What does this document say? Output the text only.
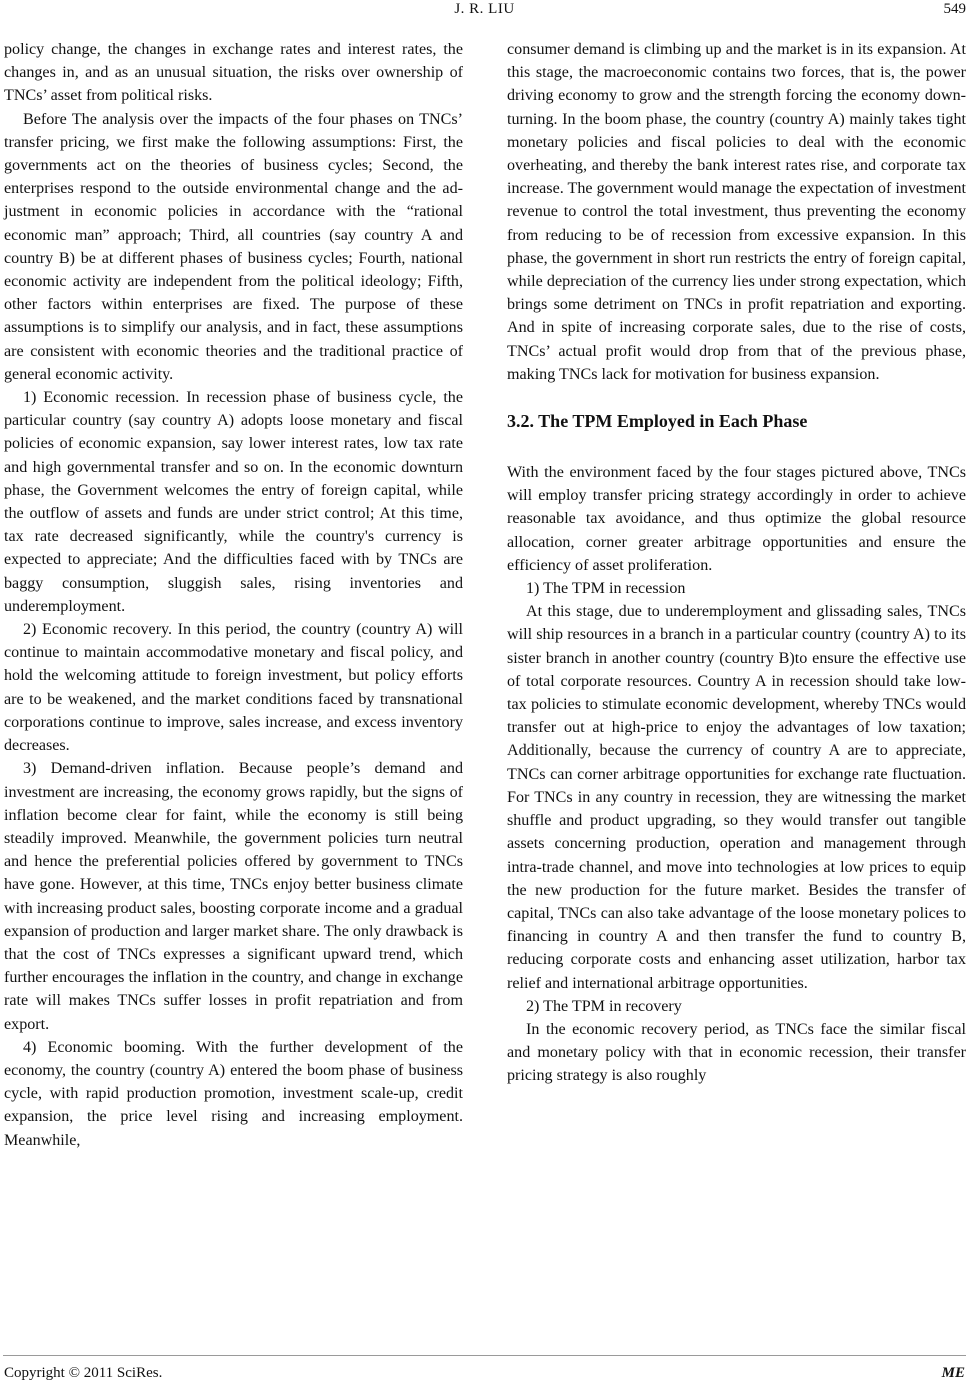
J. R. LIU	549

policy change, the changes in exchange rates and interest rates, the changes in, and as an unusual situation, the risks over ownership of TNCs’ asset from political risks.

Before The analysis over the impacts of the four phases on TNCs’ transfer pricing, we first make the following assumptions: First, the governments act on the theories of business cycles; Second, the enterprises respond to the outside environmental change and the adjustment in economic policies in accordance with the “rational economic man” approach; Third, all countries (say country A and country B) be at different phases of business cycles; Fourth, national economic activity are independent from the political ideology; Fifth, other factors within enterprises are fixed. The purpose of these assumptions is to simplify our analysis, and in fact, these assumptions are consistent with economic theories and the traditional practice of general economic activity.

1) Economic recession. In recession phase of business cycle, the particular country (say country A) adopts loose monetary and fiscal policies of economic expansion, say lower interest rates, low tax rate and high governmental transfer and so on. In the economic downturn phase, the Government welcomes the entry of foreign capital, while the outflow of assets and funds are under strict control; At this time, tax rate decreased significantly, while the country's currency is expected to appreciate; And the difficulties faced with by TNCs are baggy consumption, sluggish sales, rising inventories and underemployment.

2) Economic recovery. In this period, the country (country A) will continue to maintain accommodative monetary and fiscal policy, and hold the welcoming attitude to foreign investment, but policy efforts are to be weakened, and the market conditions faced by transnational corporations continue to improve, sales increase, and excess inventory decreases.

3) Demand-driven inflation. Because people’s demand and investment are increasing, the economy grows rapidly, but the signs of inflation become clear for faint, while the economy is still being steadily improved. Meanwhile, the government policies turn neutral and hence the preferential policies offered by government to TNCs have gone. However, at this time, TNCs enjoy better business climate with increasing product sales, boosting corporate income and a gradual expansion of production and larger market share. The only drawback is that the cost of TNCs expresses a significant upward trend, which further encourages the inflation in the country, and change in exchange rate will makes TNCs suffer losses in profit repatriation and from export.

4) Economic booming. With the further development of the economy, the country (country A) entered the boom phase of business cycle, with rapid production promotion, investment scale-up, credit expansion, the price level rising and increasing employment. Meanwhile,

consumer demand is climbing up and the market is in its expansion. At this stage, the macroeconomic contains two forces, that is, the power driving economy to grow and the strength forcing the economy down-turning. In the boom phase, the country (country A) mainly takes tight monetary policies and fiscal policies to deal with the economic overheating, and thereby the bank interest rates rise, and corporate tax increase. The government would manage the expectation of investment revenue to control the total investment, thus preventing the economy from reducing to be of recession from excessive expansion. In this phase, the government in short run restricts the entry of foreign capital, while depreciation of the currency lies under strong expectation, which brings some detriment on TNCs in profit repatriation and exporting. And in spite of increasing corporate sales, due to the rise of costs, TNCs’ actual profit would drop from that of the previous phase, making TNCs lack for motivation for business expansion.

3.2. The TPM Employed in Each Phase

With the environment faced by the four stages pictured above, TNCs will employ transfer pricing strategy accordingly in order to achieve reasonable tax avoidance, and thus optimize the global resource allocation, corner greater arbitrage opportunities and ensure the efficiency of asset proliferation.

1) The TPM in recession

At this stage, due to underemployment and glissading sales, TNCs will ship resources in a branch in a particular country (country A) to its sister branch in another country (country B)to ensure the effective use of total corporate resources. Country A in recession should take low-tax policies to stimulate economic development, whereby TNCs would transfer out at high-price to enjoy the advantages of low taxation; Additionally, because the currency of country A are to appreciate, TNCs can corner arbitrage opportunities for exchange rate fluctuation. For TNCs in any country in recession, they are witnessing the market shuffle and product upgrading, so they would transfer out tangible assets concerning production, operation and management through intra-trade channel, and move into technologies at low prices to equip the new production for the future market. Besides the transfer of capital, TNCs can also take advantage of the loose monetary polices to financing in country A and then transfer the fund to country B, reducing corporate costs and enhancing asset utilization, harbor tax relief and international arbitrage opportunities.

2) The TPM in recovery

In the economic recovery period, as TNCs face the similar fiscal and monetary policy with that in economic recession, their transfer pricing strategy is also roughly

Copyright © 2011 SciRes.	ME
